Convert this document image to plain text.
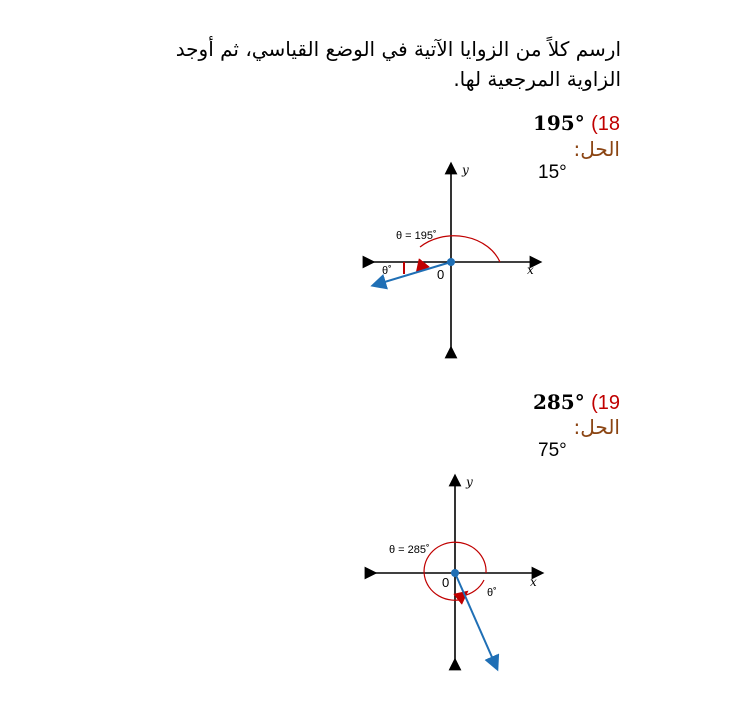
ارسم كلاً من الزوايا الآتية في الوضع القياسي، ثم أوجد الزاوية المرجعية لها.
18) 195°
الحل:
15°
19) 285°
الحل:
75°
θ = 195˚
θ˚	0	x
y
θ = 285˚
θ˚
0	x
y
